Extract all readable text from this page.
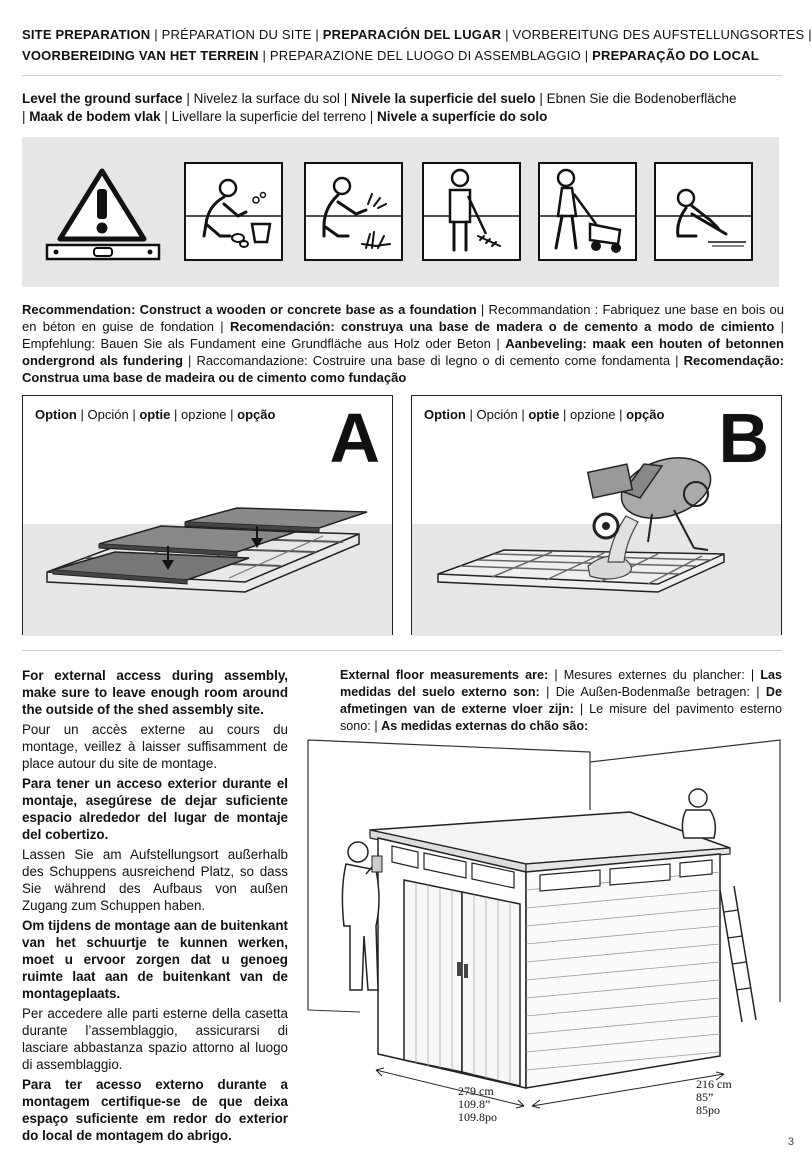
SITE PREPARATION | PRÉPARATION DU SITE | PREPARACIÓN DEL LUGAR | VORBEREITUNG DES AUFSTELLUNGSORTES |
VOORBEREIDING VAN HET TERREIN | PREPARAZIONE DEL LUOGO DI ASSEMBLAGGIO | PREPARAÇÃO DO LOCAL
Level the ground surface | Nivelez la surface du sol | Nivele la superficie del suelo | Ebnen Sie die Bodenoberfläche
| Maak de bodem vlak | Livellare la superficie del terreno | Nivele a superfície do solo
Recommendation: Construct a wooden or concrete base as a foundation | Recommandation : Fabriquez une base en bois ou en béton en guise de fondation | Recomendación: construya una base de madera o de cemento a modo de cimiento | Empfehlung: Bauen Sie als Fundament eine Grundfläche aus Holz oder Beton | Aanbeveling: maak een houten of betonnen ondergrond als fundering | Raccomandazione: Costruire una base di legno o di cemento come fondamenta | Recomendação: Construa uma base de madeira ou de cimento como fundação
Option | Opción | optie | opzione | opção A	Option | Opción | optie | opzione | opção B

For external access during assembly, make sure to leave enough room around the outside of the shed assembly site.

Pour un accès externe au cours du montage, veillez à laisser suffisamment de place autour du site de montage.

Para tener un acceso exterior durante el montaje, asegúrese de dejar suficiente espacio alrededor del lugar de montaje del cobertizo.

Lassen Sie am Aufstellungsort außerhalb des Schuppens ausreichend Platz, so dass Sie während des Aufbaus von außen Zugang zum Schuppen haben.

Om tijdens de montage aan de buitenkant van het schuurtje te kunnen werken, moet u ervoor zorgen dat u genoeg ruimte laat aan de buitenkant van de montageplaats.

Per accedere alle parti esterne della casetta durante l’assemblaggio, assicurarsi di lasciare abbastanza spazio attorno al luogo di assemblaggio.

Para ter acesso externo durante a montagem certifique-se de que deixa espaço suficiente em redor do exterior do local de montagem do abrigo.

External floor measurements are: | Mesures externes du plancher: | Las medidas del suelo externo son: | Die Außen-Bodenmaße betragen: | De afmetingen van de externe vloer zijn: | Le misure del pavimento esterno sono: | As medidas externas do chão são:
279 cm
109.8”
109.8po
216 cm
85”
85po
3
